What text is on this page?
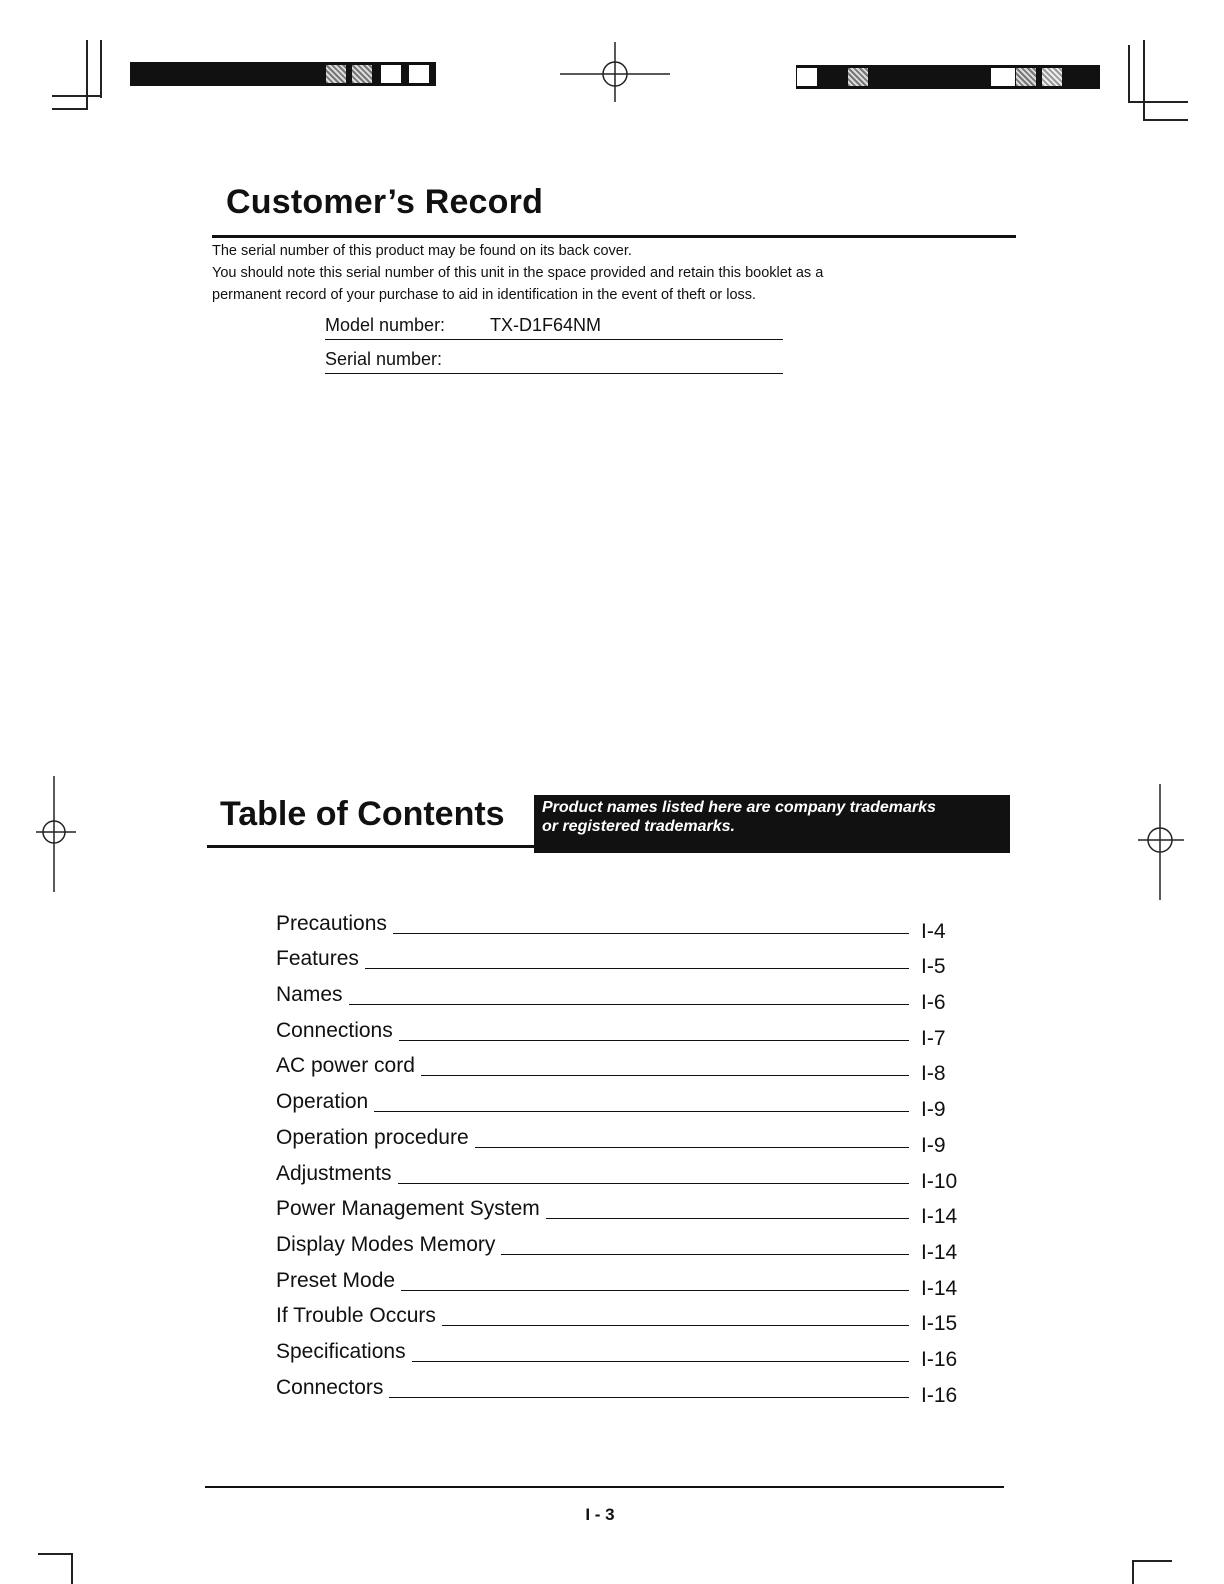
Customer’s Record

The serial number of this product may be found on its back cover.

You should note this serial number of this unit in the space provided and retain this booklet as a

permanent record of your purchase to aid in identification in the event of theft or loss.

Model number: TX-D1F64NM
Serial number:
Table of Contents Product names listed here are company trademarks
or registered trademarks.
Precautions	I-4
Features	I-5
Names	I-6
Connections	I-7
AC power cord	I-8
Operation	I-9
Operation procedure	I-9
Adjustments	I-10
Power Management System	I-14
Display Modes Memory	I-14
Preset Mode	I-14
If Trouble Occurs	I-15
Specifications	I-16
Connectors	I-16
I - 3
